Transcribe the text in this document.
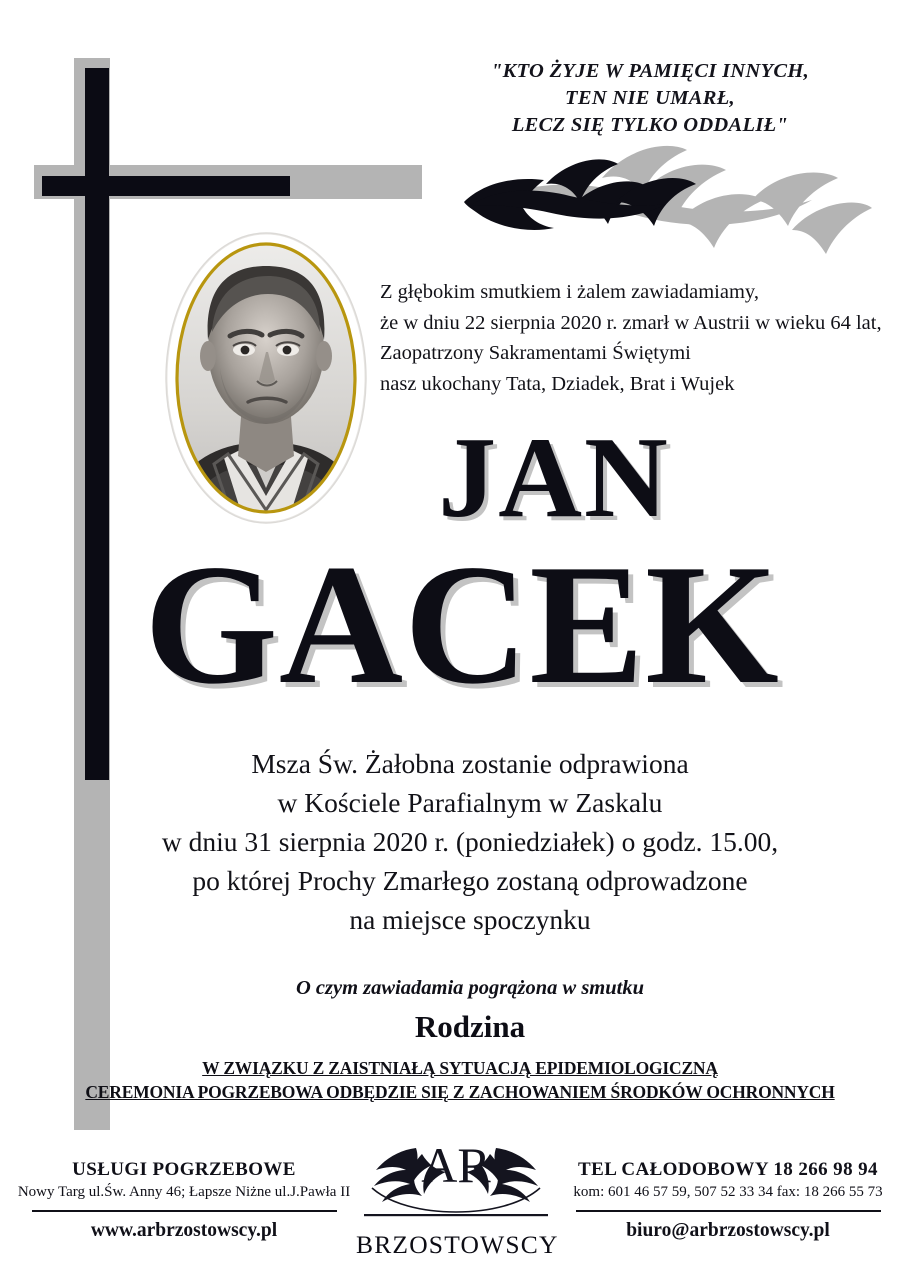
"KTO ŻYJE W PAMIĘCI INNYCH,
TEN NIE UMARŁ,
LECZ SIĘ TYLKO ODDALIŁ"
Z głębokim smutkiem i żalem zawiadamiamy,
że w dniu 22 sierpnia 2020 r. zmarł w Austrii w wieku 64 lat,
Zaopatrzony Sakramentami Świętymi
nasz ukochany Tata, Dziadek, Brat i Wujek
JAN
GACEK
Msza Św. Żałobna zostanie odprawiona
w Kościele Parafialnym w Zaskalu
w dniu 31 sierpnia 2020 r. (poniedziałek) o godz. 15.00,
po której Prochy Zmarłego zostaną odprowadzone
na miejsce spoczynku
O czym zawiadamia pogrążona w smutku
Rodzina
W ZWIĄZKU Z ZAISTNIAŁĄ SYTUACJĄ EPIDEMIOLOGICZNĄ
CEREMONIA POGRZEBOWA ODBĘDZIE SIĘ Z ZACHOWANIEM ŚRODKÓW OCHRONNYCH
USŁUGI POGRZEBOWE
Nowy Targ ul.Św. Anny 46; Łapsze Niżne ul.J.Pawła II
www.arbrzostowscy.pl
AR
BRZOSTOWSCY
TEL CAŁODOBOWY 18 266 98 94
kom: 601 46 57 59, 507 52 33 34 fax: 18 266 55 73
biuro@arbrzostowscy.pl
